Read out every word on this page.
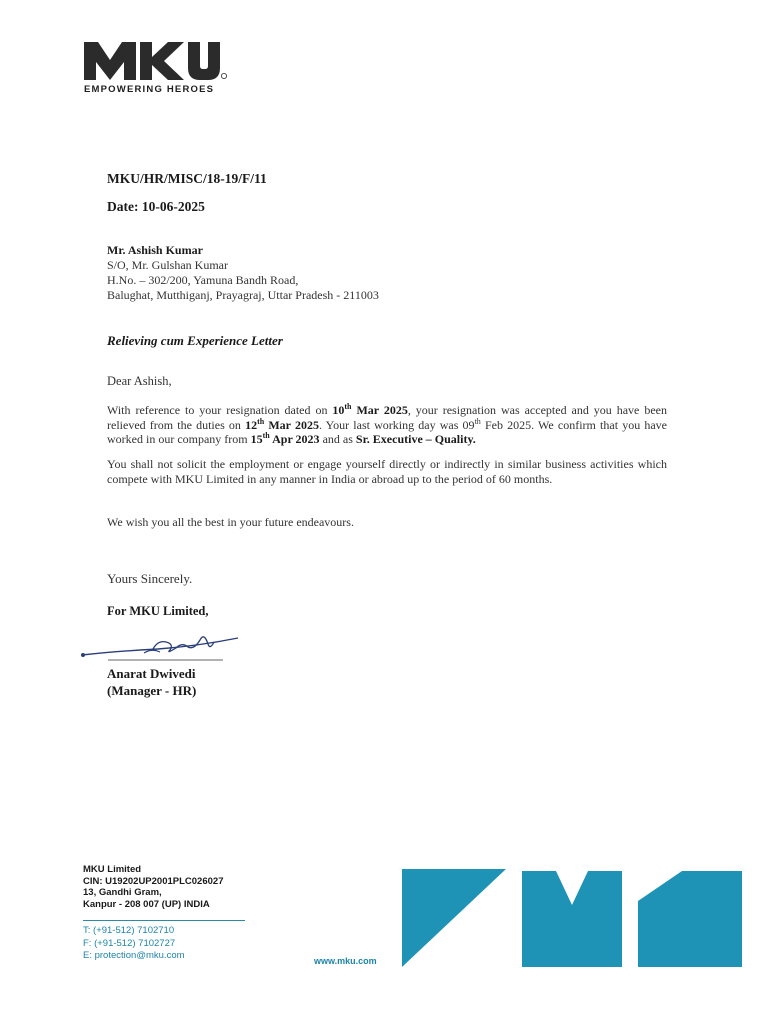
EMPOWERING HEROES
MKU/HR/MISC/18-19/F/11
Date: 10-06-2025
Mr. Ashish Kumar
S/O, Mr. Gulshan Kumar
H.No. – 302/200, Yamuna Bandh Road,
Balughat, Mutthiganj, Prayagraj, Uttar Pradesh - 211003
Relieving cum Experience Letter
Dear Ashish,
With reference to your resignation dated on 10th Mar 2025, your resignation was accepted and you have been relieved from the duties on 12th Mar 2025. Your last working day was 09th Feb 2025. We confirm that you have worked in our company from 15th Apr 2023 and as Sr. Executive – Quality.
You shall not solicit the employment or engage yourself directly or indirectly in similar business activities which compete with MKU Limited in any manner in India or abroad up to the period of 60 months.
We wish you all the best in your future endeavours.
Yours Sincerely.
For MKU Limited,
Anarat Dwivedi
(Manager - HR)
MKU Limited
CIN: U19202UP2001PLC026027
13, Gandhi Gram,
Kanpur - 208 007 (UP) INDIA
T: (+91-512) 7102710
F: (+91-512) 7102727
E: protection@mku.com	www.mku.com
